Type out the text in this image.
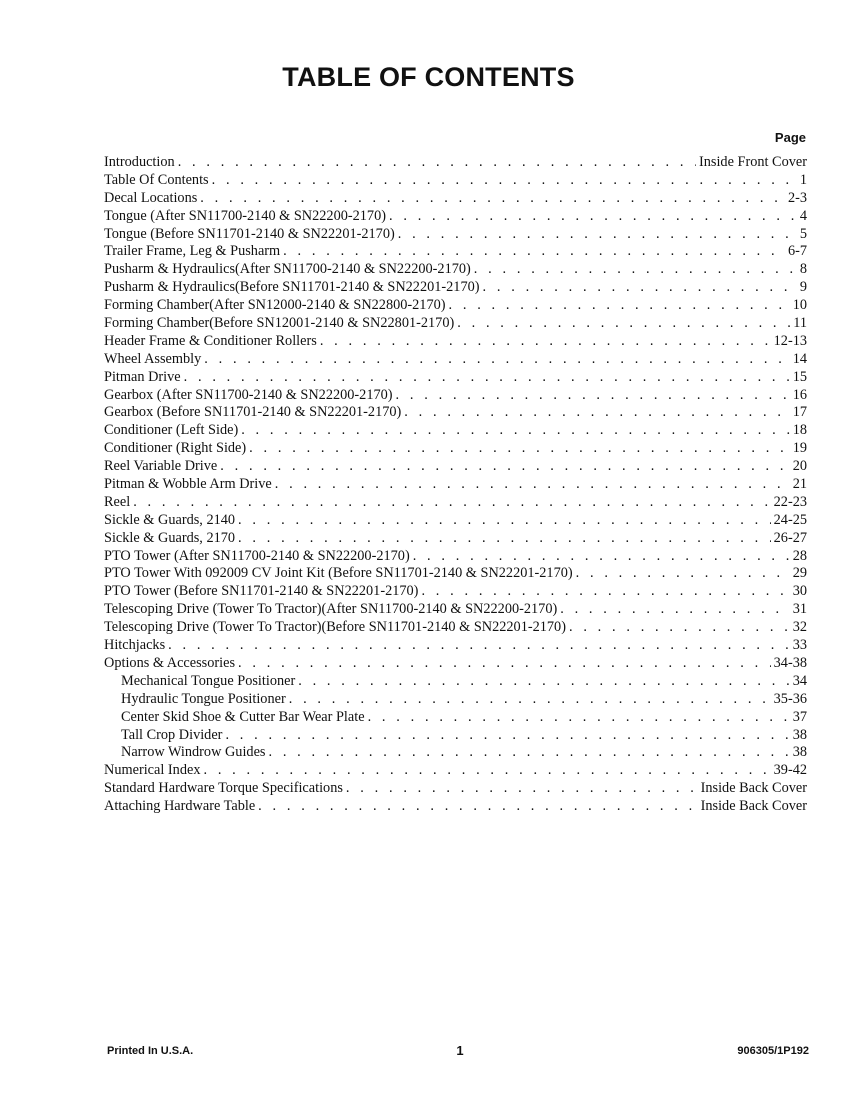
TABLE OF CONTENTS
Page
Introduction . . .	Inside Front Cover
Table Of Contents . . .	1
Decal Locations . . .	2-3
Tongue (After SN11700-2140 & SN22200-2170) . . .	4
Tongue (Before SN11701-2140 & SN22201-2170) . . .	5
Trailer Frame, Leg & Pusharm . . .	6-7
Pusharm & Hydraulics(After SN11700-2140 & SN22200-2170) . . .	8
Pusharm & Hydraulics(Before SN11701-2140 & SN22201-2170) . . .	9
Forming Chamber(After SN12000-2140 & SN22800-2170) . . .	10
Forming Chamber(Before SN12001-2140 & SN22801-2170) . . .	11
Header Frame & Conditioner Rollers . . .	12-13
Wheel Assembly . . .	14
Pitman Drive . . .	15
Gearbox (After SN11700-2140 & SN22200-2170) . . .	16
Gearbox (Before SN11701-2140 & SN22201-2170) . . .	17
Conditioner (Left Side) . . .	18
Conditioner (Right Side) . . .	19
Reel Variable Drive . . .	20
Pitman & Wobble Arm Drive . . .	21
Reel . . .	22-23
Sickle & Guards, 2140 . . .	24-25
Sickle & Guards, 2170 . . .	26-27
PTO Tower (After SN11700-2140 & SN22200-2170) . . .	28
PTO Tower With 092009 CV Joint Kit (Before SN11701-2140 & SN22201-2170) . . .	29
PTO Tower (Before SN11701-2140 & SN22201-2170) . . .	30
Telescoping Drive (Tower To Tractor)(After SN11700-2140 & SN22200-2170) . . .	31
Telescoping Drive (Tower To Tractor)(Before SN11701-2140 & SN22201-2170) . . .	32
Hitchjacks . . .	33
Options & Accessories . . .	34-38
Mechanical Tongue Positioner . . .	34
Hydraulic Tongue Positioner . . .	35-36
Center Skid Shoe & Cutter Bar Wear Plate . . .	37
Tall Crop Divider . . .	38
Narrow Windrow Guides . . .	38
Numerical Index . . .	39-42
Standard Hardware Torque Specifications . . .	Inside Back Cover
Attaching Hardware Table . . .	Inside Back Cover
Printed In U.S.A.	1	906305/1P192
